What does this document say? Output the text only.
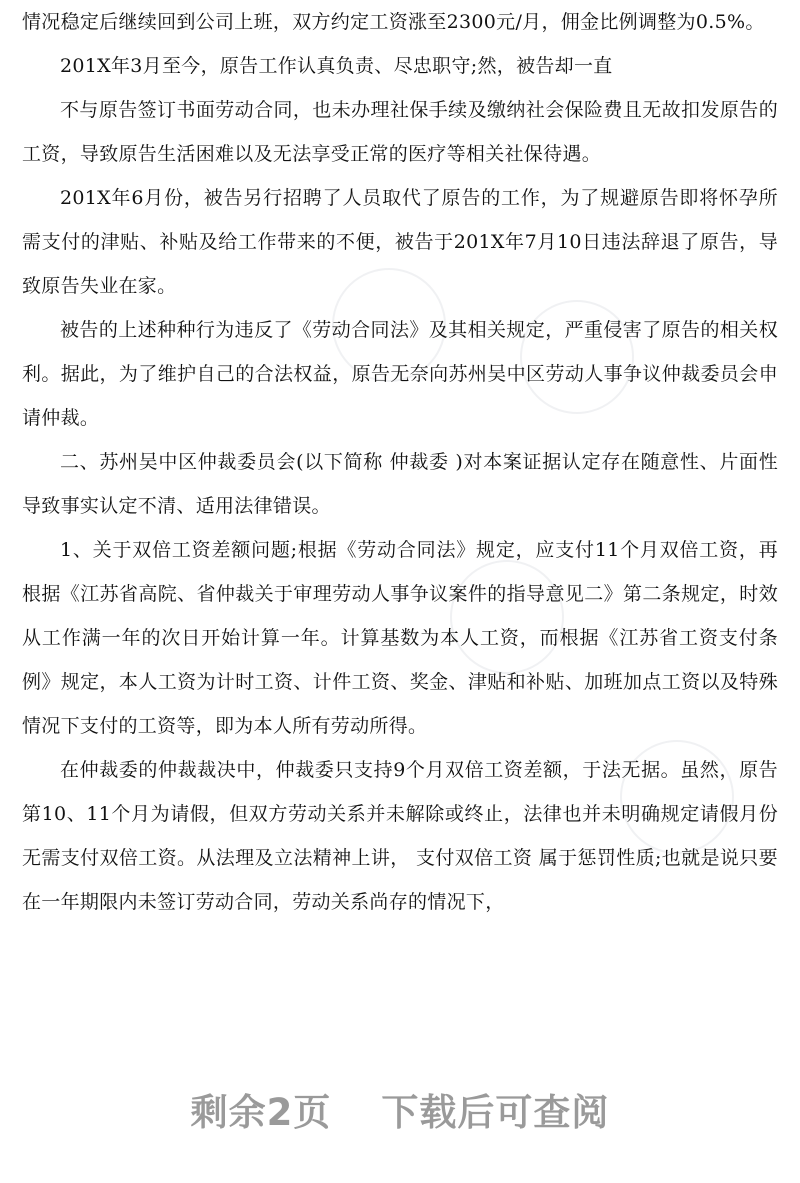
情况稳定后继续回到公司上班，双方约定工资涨至2300元/月，佣金比例调整为0.5%。

201X年3月至今，原告工作认真负责、尽忠职守;然，被告却一直

不与原告签订书面劳动合同，也未办理社保手续及缴纳社会保险费且无故扣发原告的工资，导致原告生活困难以及无法享受正常的医疗等相关社保待遇。

201X年6月份，被告另行招聘了人员取代了原告的工作，为了规避原告即将怀孕所需支付的津贴、补贴及给工作带来的不便，被告于201X年7月10日违法辞退了原告，导致原告失业在家。

被告的上述种种行为违反了《劳动合同法》及其相关规定，严重侵害了原告的相关权利。据此，为了维护自己的合法权益，原告无奈向苏州吴中区劳动人事争议仲裁委员会申请仲裁。

二、苏州吴中区仲裁委员会(以下简称 仲裁委 )对本案证据认定存在随意性、片面性导致事实认定不清、适用法律错误。

1、关于双倍工资差额问题;根据《劳动合同法》规定，应支付11个月双倍工资，再根据《江苏省高院、省仲裁关于审理劳动人事争议案件的指导意见二》第二条规定，时效从工作满一年的次日开始计算一年。计算基数为本人工资，而根据《江苏省工资支付条例》规定，本人工资为计时工资、计件工资、奖金、津贴和补贴、加班加点工资以及特殊情况下支付的工资等，即为本人所有劳动所得。

在仲裁委的仲裁裁决中，仲裁委只支持9个月双倍工资差额，于法无据。虽然，原告第10、11个月为请假，但双方劳动关系并未解除或终止，法律也并未明确规定请假月份无需支付双倍工资。从法理及立法精神上讲， 支付双倍工资 属于惩罚性质;也就是说只要在一年期限内未签订劳动合同，劳动关系尚存的情况下，

剩余2页 下载后可查阅
